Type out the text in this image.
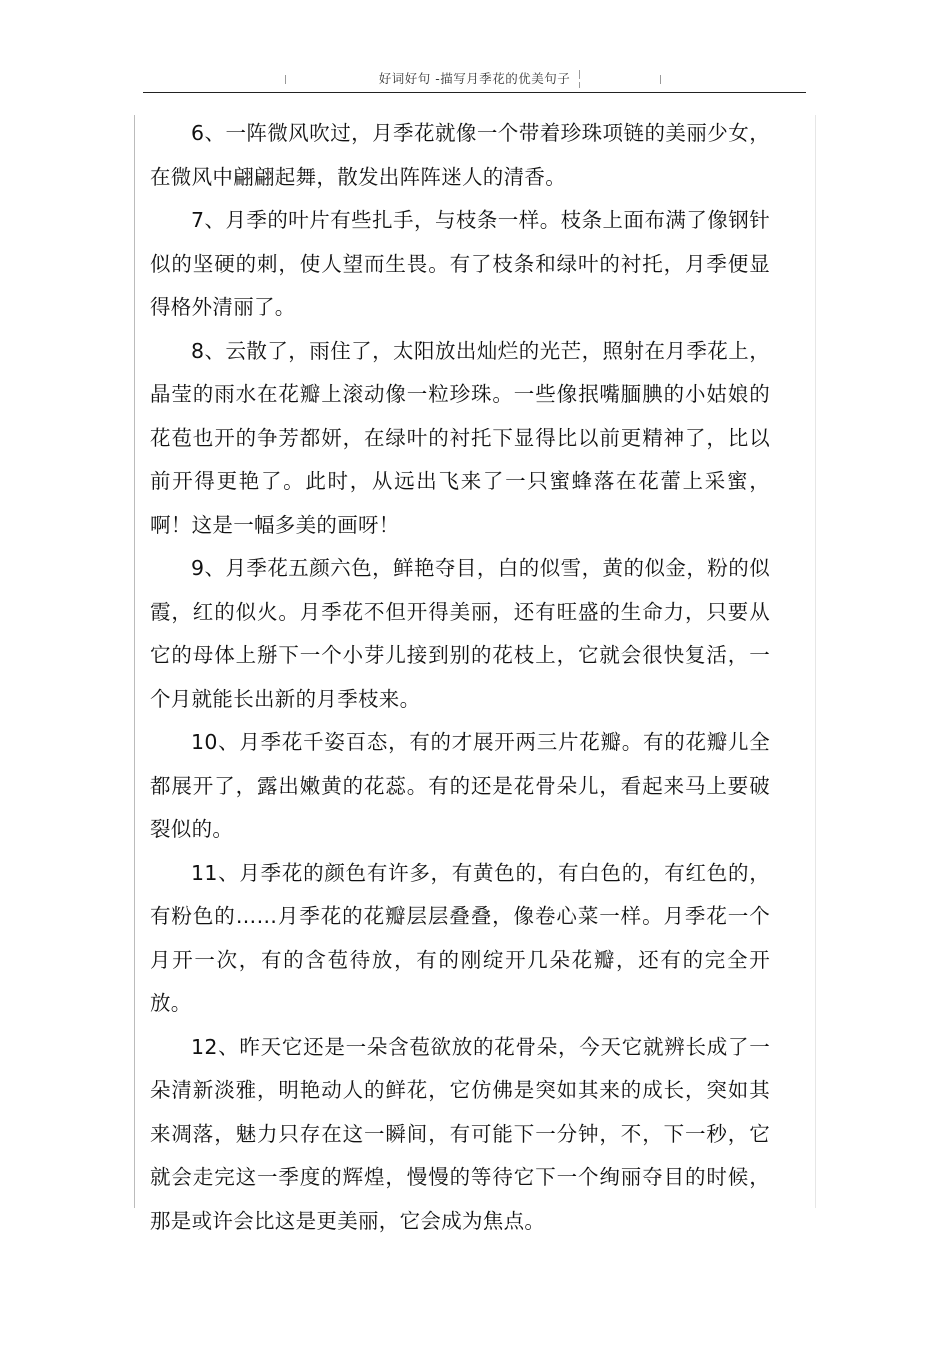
好词好句 -描写月季花的优美句子

6、一阵微风吹过，月季花就像一个带着珍珠项链的美丽少女，在微风中翩翩起舞，散发出阵阵迷人的清香。

7、月季的叶片有些扎手，与枝条一样。枝条上面布满了像钢针似的坚硬的刺，使人望而生畏。有了枝条和绿叶的衬托，月季便显得格外清丽了。

8、云散了，雨住了，太阳放出灿烂的光芒，照射在月季花上，晶莹的雨水在花瓣上滚动像一粒珍珠。一些像抿嘴腼腆的小姑娘的花苞也开的争芳都妍，在绿叶的衬托下显得比以前更精神了，比以前开得更艳了。此时，从远出飞来了一只蜜蜂落在花蕾上采蜜，啊！这是一幅多美的画呀！

9、月季花五颜六色，鲜艳夺目，白的似雪，黄的似金，粉的似霞，红的似火。月季花不但开得美丽，还有旺盛的生命力，只要从它的母体上掰下一个小芽儿接到别的花枝上，它就会很快复活，一个月就能长出新的月季枝来。

10、月季花千姿百态，有的才展开两三片花瓣。有的花瓣儿全都展开了，露出嫩黄的花蕊。有的还是花骨朵儿，看起来马上要破裂似的。

11、月季花的颜色有许多，有黄色的，有白色的，有红色的，有粉色的……月季花的花瓣层层叠叠，像卷心菜一样。月季花一个月开一次，有的含苞待放，有的刚绽开几朵花瓣，还有的完全开放。

12、昨天它还是一朵含苞欲放的花骨朵，今天它就辨长成了一朵清新淡雅，明艳动人的鲜花，它仿佛是突如其来的成长，突如其来凋落，魅力只存在这一瞬间，有可能下一分钟，不，下一秒，它就会走完这一季度的辉煌，慢慢的等待它下一个绚丽夺目的时候，那是或许会比这是更美丽，它会成为焦点。
